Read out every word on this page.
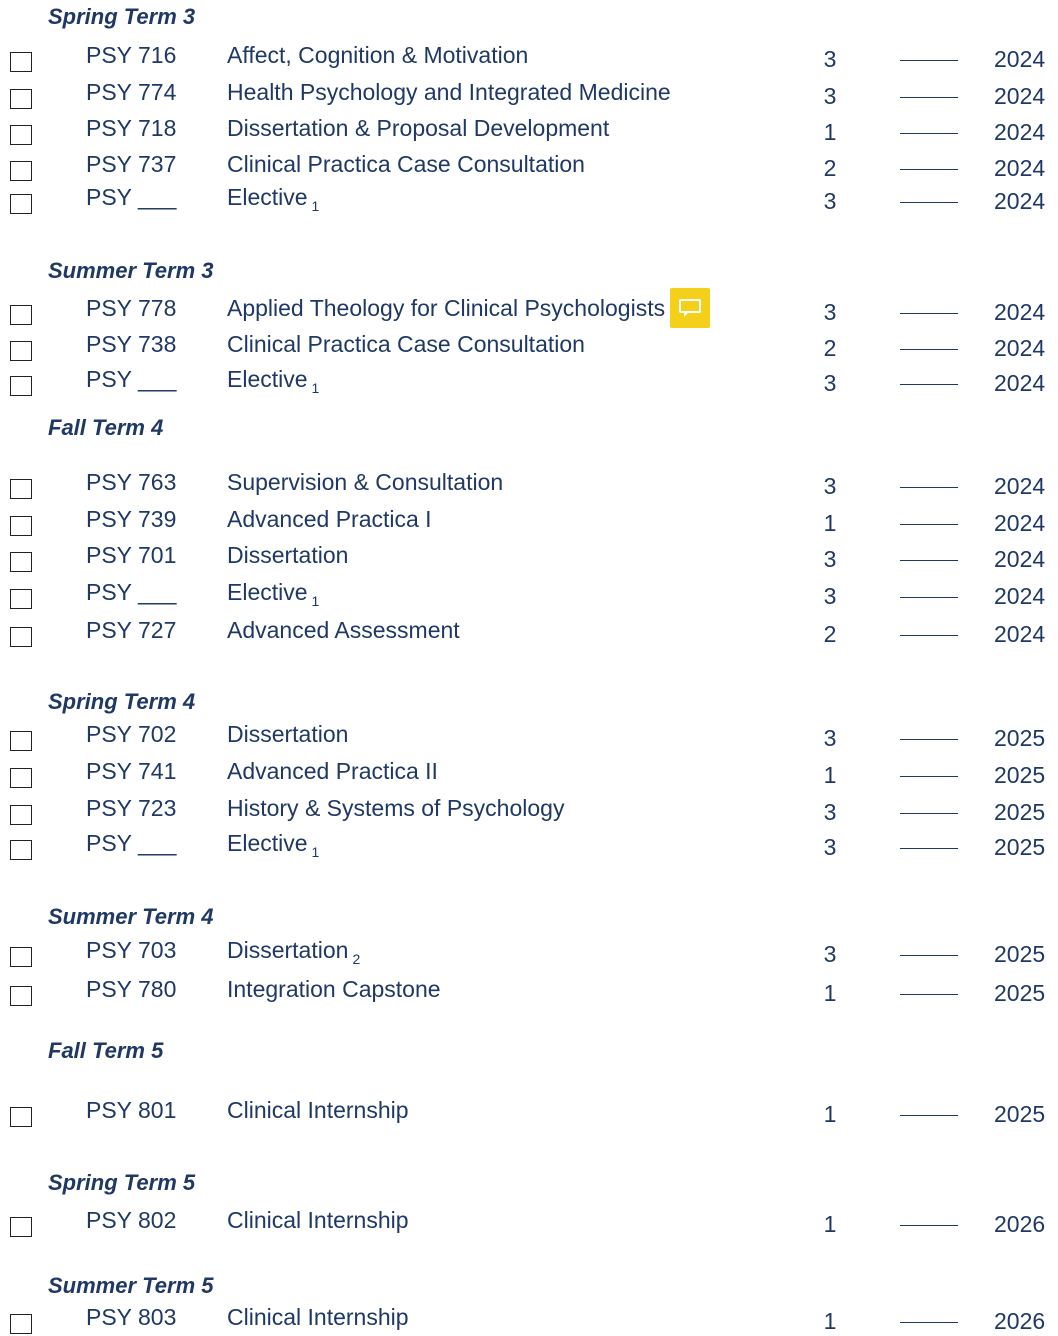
Spring Term 3
PSY 716 Affect, Cognition & Motivation	3	2024
PSY 774 Health Psychology and Integrated Medicine	3	2024
PSY 718 Dissertation & Proposal Development	1	2024
PSY 737 Clinical Practica Case Consultation	2	2024
PSY ___ Elective $_1$	3	2024
Summer Term 3
PSY 778 Applied Theology for Clinical Psychologists	3	2024
PSY 738 Clinical Practica Case Consultation	2	2024
PSY ___ Elective $_1$	3	2024
Fall Term 4
PSY 763 Supervision & Consultation	3	2024
PSY 739 Advanced Practica I	1	2024
PSY 701 Dissertation	3	2024
PSY ___ Elective $_1$	3	2024
PSY 727 Advanced Assessment	2	2024
Spring Term 4
PSY 702 Dissertation	3	2025
PSY 741 Advanced Practica II	1	2025
PSY 723 History & Systems of Psychology	3	2025
PSY ___ Elective $_1$	3	2025
Summer Term 4
PSY 703 Dissertation $_2$	3	2025
PSY 780 Integration Capstone	1	2025
Fall Term 5
PSY 801 Clinical Internship	1	2025
Spring Term 5
PSY 802 Clinical Internship	1	2026
Summer Term 5
PSY 803 Clinical Internship	1	2026
